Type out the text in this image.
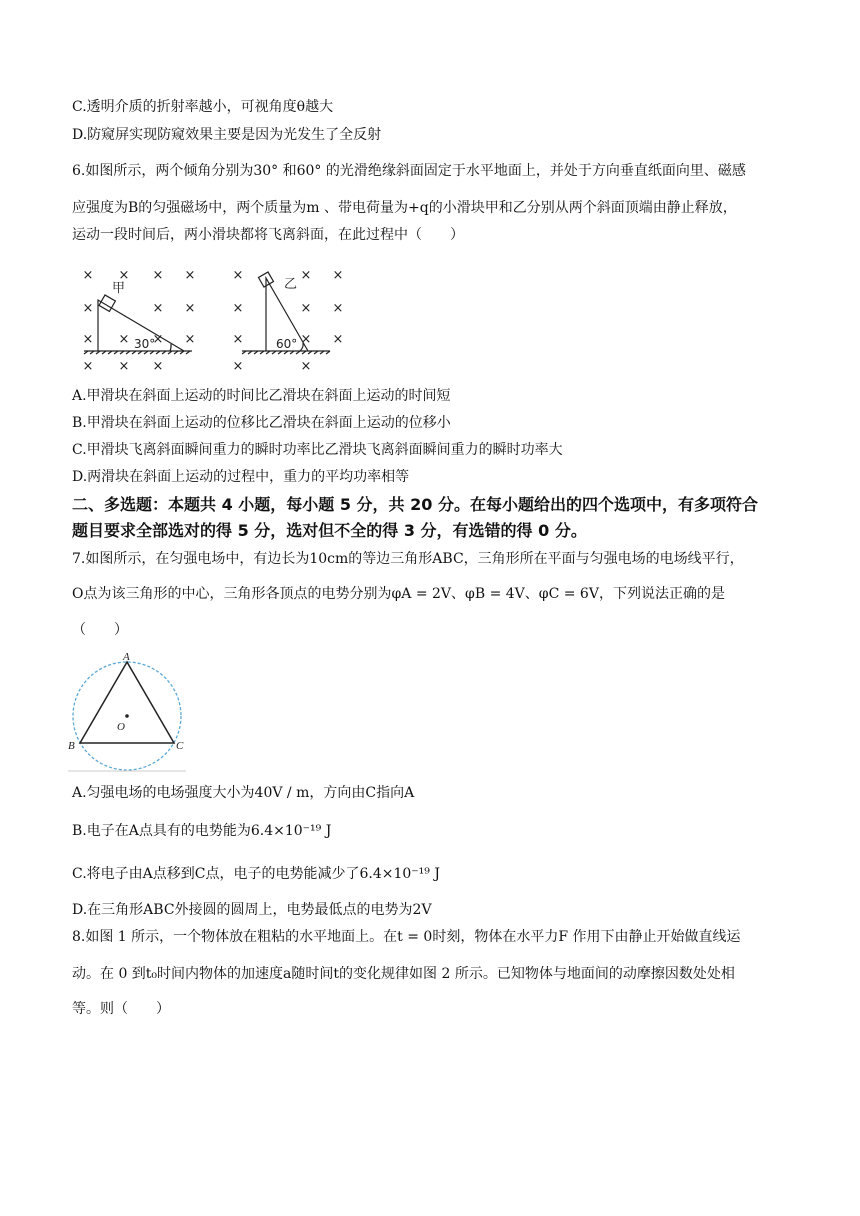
C.透明介质的折射率越小，可视角度θ越大
D.防窥屏实现防窥效果主要是因为光发生了全反射
6.如图所示，两个倾角分别为30° 和60° 的光滑绝缘斜面固定于水平地面上，并处于方向垂直纸面向里、磁感
应强度为B的匀强磁场中，两个质量为m 、带电荷量为+q的小滑块甲和乙分别从两个斜面顶端由静止释放，
运动一段时间后，两小滑块都将飞离斜面，在此过程中（　　）
× × × ×
×	× ×
× × × ×
× × ×
×	× ×
×	× ×
×	× ×
×	×
甲	乙
30°	60°
A.甲滑块在斜面上运动的时间比乙滑块在斜面上运动的时间短
B.甲滑块在斜面上运动的位移比乙滑块在斜面上运动的位移小
C.甲滑块飞离斜面瞬间重力的瞬时功率比乙滑块飞离斜面瞬间重力的瞬时功率大
D.两滑块在斜面上运动的过程中，重力的平均功率相等
二、多选题：本题共 4 小题，每小题 5 分，共 20 分。在每小题给出的四个选项中，有多项符合
题目要求全部选对的得 5 分，选对但不全的得 3 分，有选错的得 0 分。
7.如图所示，在匀强电场中，有边长为10cm的等边三角形ABC，三角形所在平面与匀强电场的电场线平行，
O点为该三角形的中心，三角形各顶点的电势分别为φA = 2V、φB = 4V、φC = 6V，下列说法正确的是
（　　）
A
B	C
O
A.匀强电场的电场强度大小为40V / m，方向由C指向A
B.电子在A点具有的电势能为6.4×10⁻¹⁹ J
C.将电子由A点移到C点，电子的电势能减少了6.4×10⁻¹⁹ J
D.在三角形ABC外接圆的圆周上，电势最低点的电势为2V
8.如图 1 所示，一个物体放在粗粘的水平地面上。在t = 0时刻，物体在水平力F 作用下由静止开始做直线运
动。在 0 到t₀时间内物体的加速度a随时间t的变化规律如图 2 所示。已知物体与地面间的动摩擦因数处处相
等。则（　　）
